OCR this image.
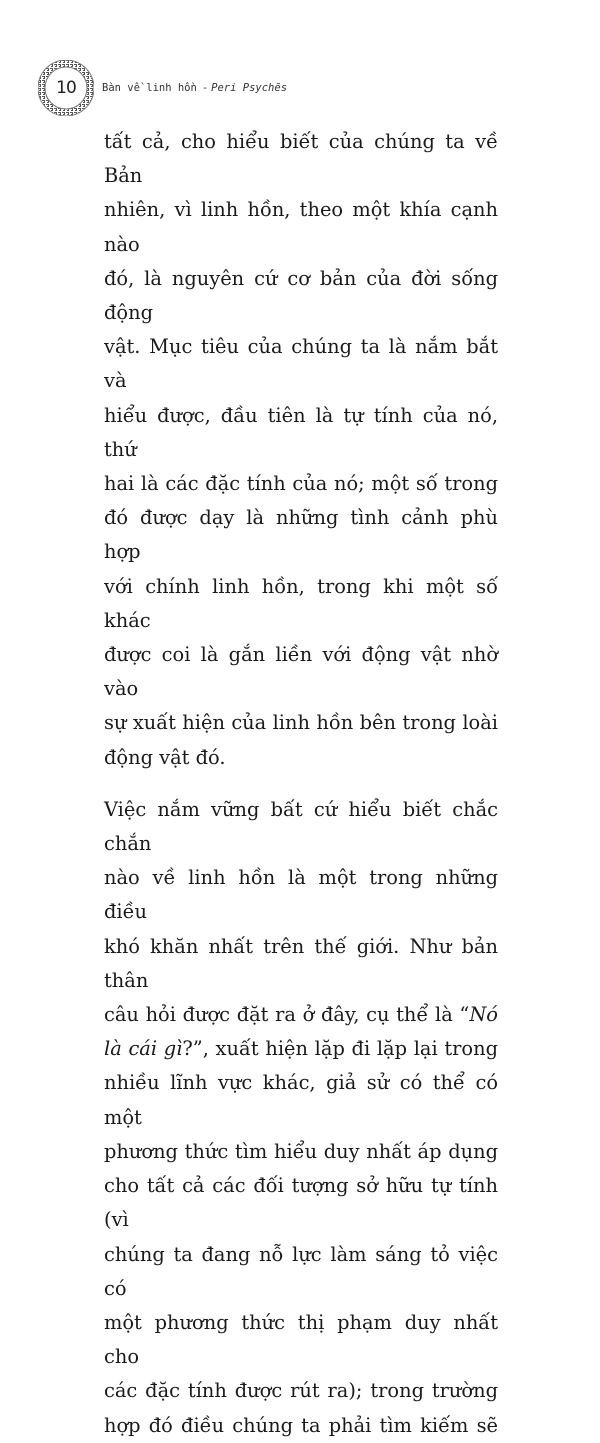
10	Bàn về linh hồn - Peri Psychēs

tất cả, cho hiểu biết của chúng ta về Bản
nhiên, vì linh hồn, theo một khía cạnh nào
đó, là nguyên cứ cơ bản của đời sống động
vật. Mục tiêu của chúng ta là nắm bắt và
hiểu được, đầu tiên là tự tính của nó, thứ
hai là các đặc tính của nó; một số trong
đó được dạy là những tình cảnh phù hợp
với chính linh hồn, trong khi một số khác
được coi là gắn liền với động vật nhờ vào
sự xuất hiện của linh hồn bên trong loài
động vật đó.

Việc nắm vững bất cứ hiểu biết chắc chắn
nào về linh hồn là một trong những điều
khó khăn nhất trên thế giới. Như bản thân
câu hỏi được đặt ra ở đây, cụ thể là “Nó
là cái gì?”, xuất hiện lặp đi lặp lại trong
nhiều lĩnh vực khác, giả sử có thể có một
phương thức tìm hiểu duy nhất áp dụng
cho tất cả các đối tượng sở hữu tự tính (vì
chúng ta đang nỗ lực làm sáng tỏ việc có
một phương thức thị phạm duy nhất cho
các đặc tính được rút ra); trong trường
hợp đó điều chúng ta phải tìm kiếm sẽ
